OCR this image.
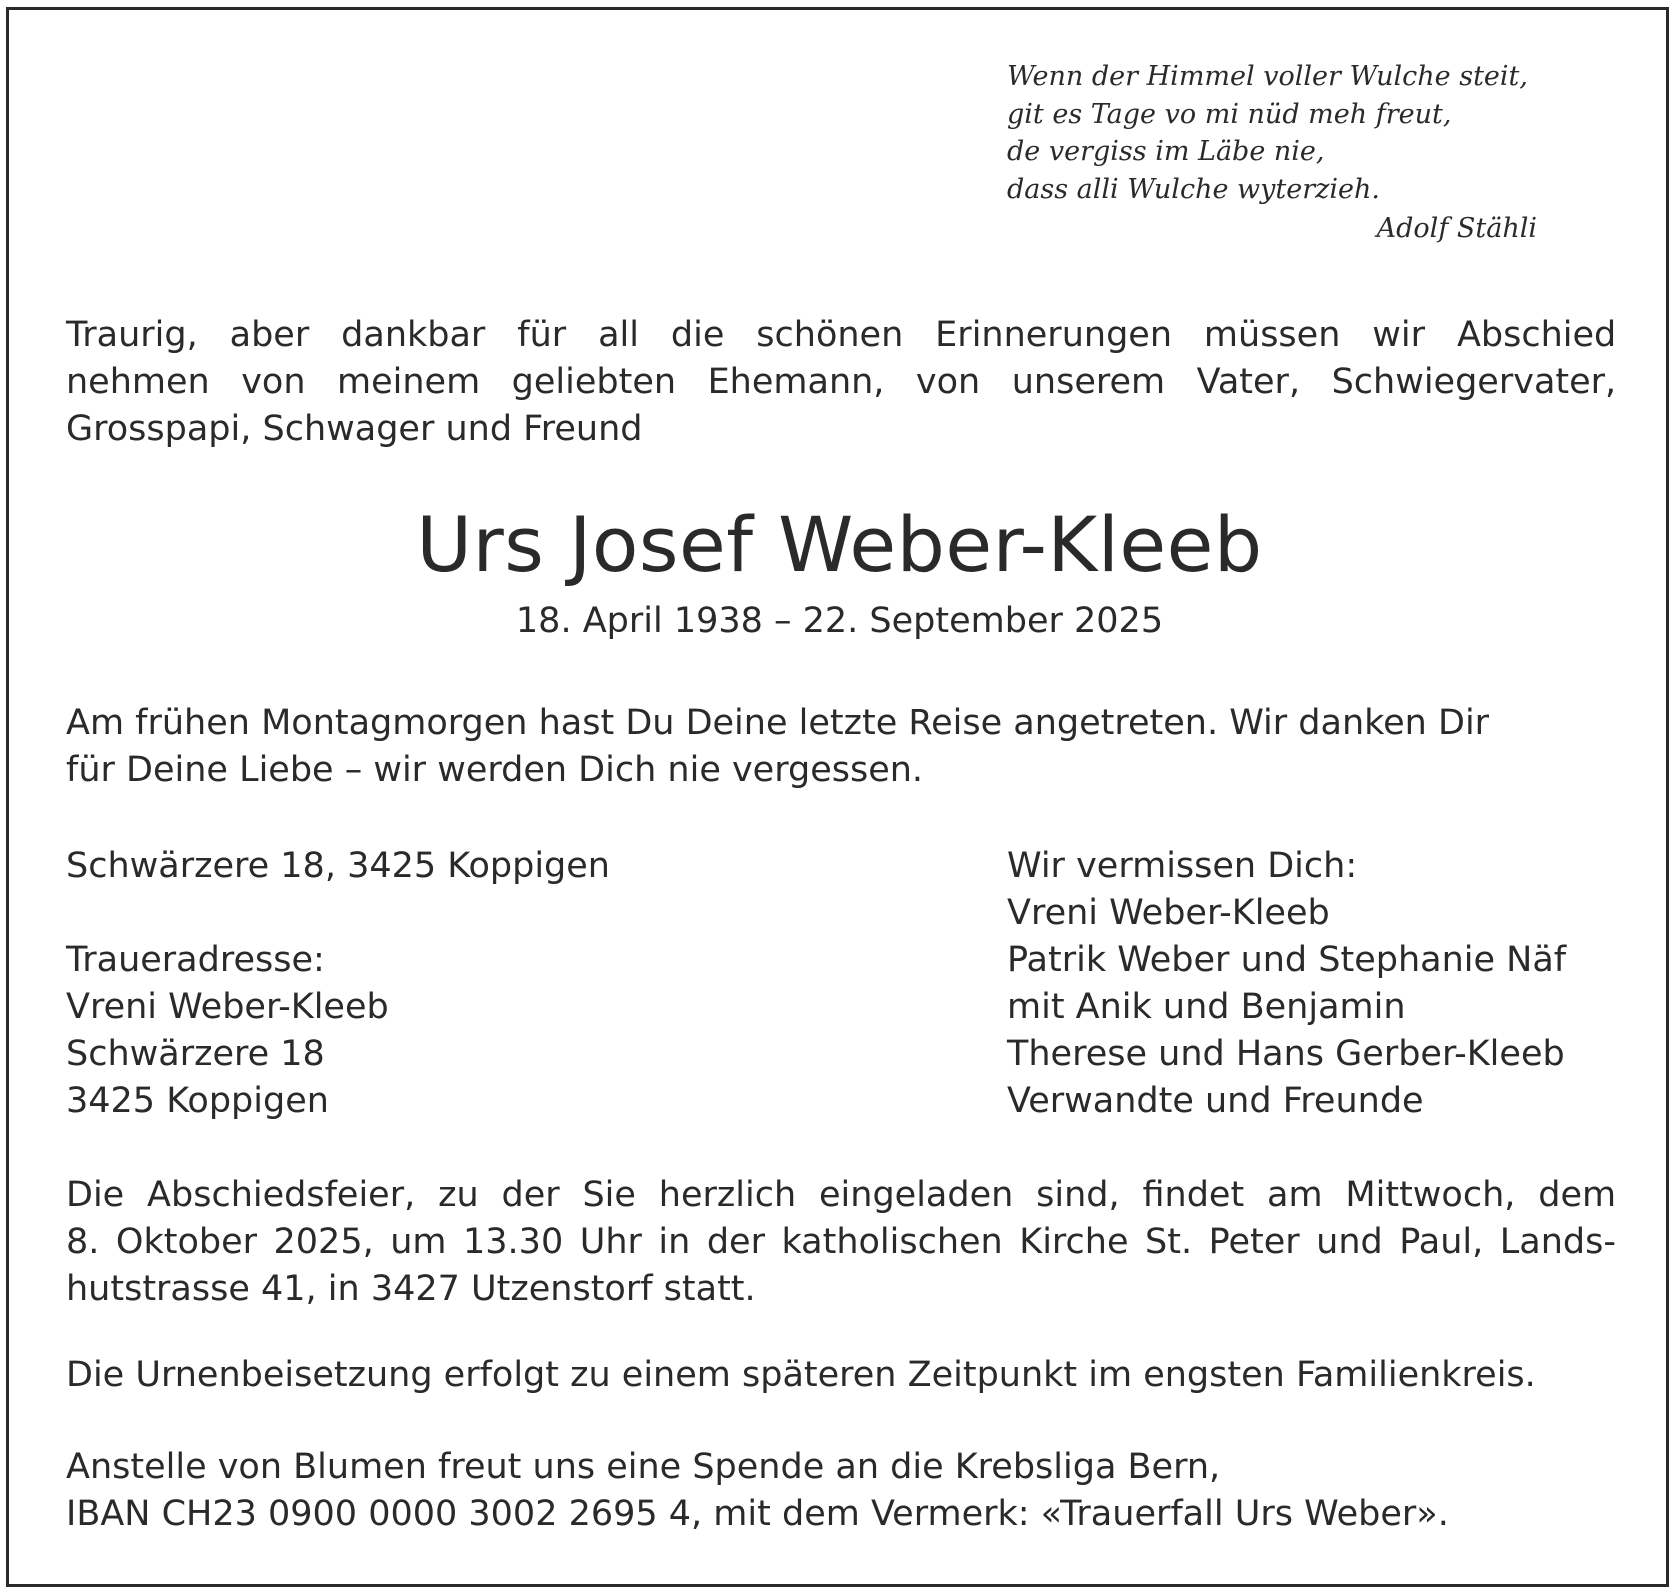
Wenn der Himmel voller Wulche steit,
git es Tage vo mi nüd meh freut,
de vergiss im Läbe nie,
dass alli Wulche wyterzieh.
Adolf Stähli
Traurig, aber dankbar für all die schönen Erinnerungen müssen wir Abschied
nehmen von meinem geliebten Ehemann, von unserem Vater, Schwiegervater,
Grosspapi, Schwager und Freund
Urs Josef Weber-Kleeb
18. April 1938 – 22. September 2025
Am frühen Montagmorgen hast Du Deine letzte Reise angetreten. Wir danken Dir
für Deine Liebe – wir werden Dich nie vergessen.
Schwärzere 18, 3425 Koppigen
Traueradresse:
Vreni Weber-Kleeb
Schwärzere 18
3425 Koppigen
Wir vermissen Dich:
Vreni Weber-Kleeb
Patrik Weber und Stephanie Näf
mit Anik und Benjamin
Therese und Hans Gerber-Kleeb
Verwandte und Freunde
Die Abschiedsfeier, zu der Sie herzlich eingeladen sind, findet am Mittwoch, dem
8. Oktober 2025, um 13.30 Uhr in der katholischen Kirche St. Peter und Paul, Lands-
hutstrasse 41, in 3427 Utzenstorf statt.
Die Urnenbeisetzung erfolgt zu einem späteren Zeitpunkt im engsten Familienkreis.
Anstelle von Blumen freut uns eine Spende an die Krebsliga Bern,
IBAN CH23 0900 0000 3002 2695 4, mit dem Vermerk: «Trauerfall Urs Weber».
